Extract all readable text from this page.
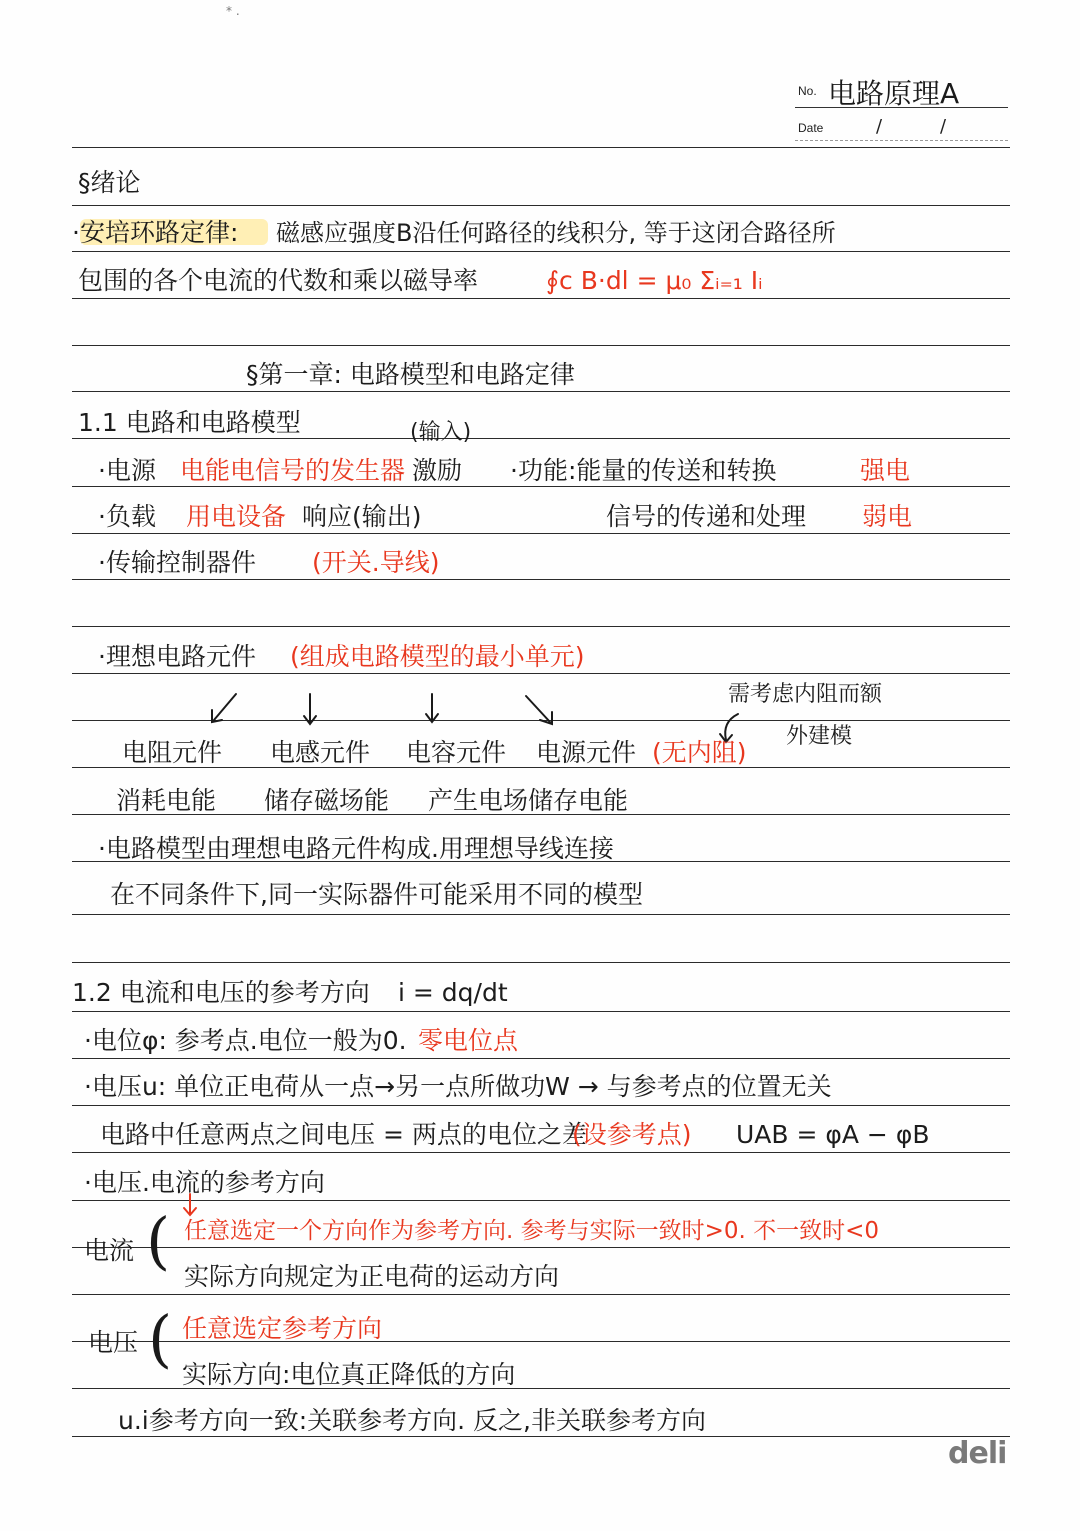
* .
No. 电路原理A
Date	/	/
§绪论
·安培环路定律: 磁感应强度B沿任何路径的线积分, 等于这闭合路径所
包围的各个电流的代数和乘以磁导率	∮c B·dl = μ₀ Σᵢ₌₁ Iᵢ
§第一章: 电路模型和电路定律
1.1 电路和电路模型	(输入)
·电源 电能电信号的发生器 激励 ·功能:能量的传送和转换	强电
·负载 用电设备 响应(输出)	信号的传递和处理 弱电
·传输控制器件 (开关.导线)
·理想电路元件 (组成电路模型的最小单元)
需考虑内阻而额
外建模
电阻元件 电感元件 电容元件 电源元件 (无内阻)
消耗电能 储存磁场能 产生电场储存电能
·电路模型由理想电路元件构成.用理想导线连接
在不同条件下,同一实际器件可能采用不同的模型
1.2 电流和电压的参考方向 i = dq/dt
·电位φ: 参考点.电位一般为0. 零电位点
·电压u: 单位正电荷从一点→另一点所做功W → 与参考点的位置无关
电路中任意两点之间电压 = 两点的电位之差
(设参考点) UAB = φA − φB
·电压.电流的参考方向
电流 ( 任意选定一个方向作为参考方向. 参考与实际一致时>0. 不一致时<0
实际方向规定为正电荷的运动方向
电压 ( 任意选定参考方向
实际方向:电位真正降低的方向
u.i参考方向一致:关联参考方向. 反之,非关联参考方向
deli
